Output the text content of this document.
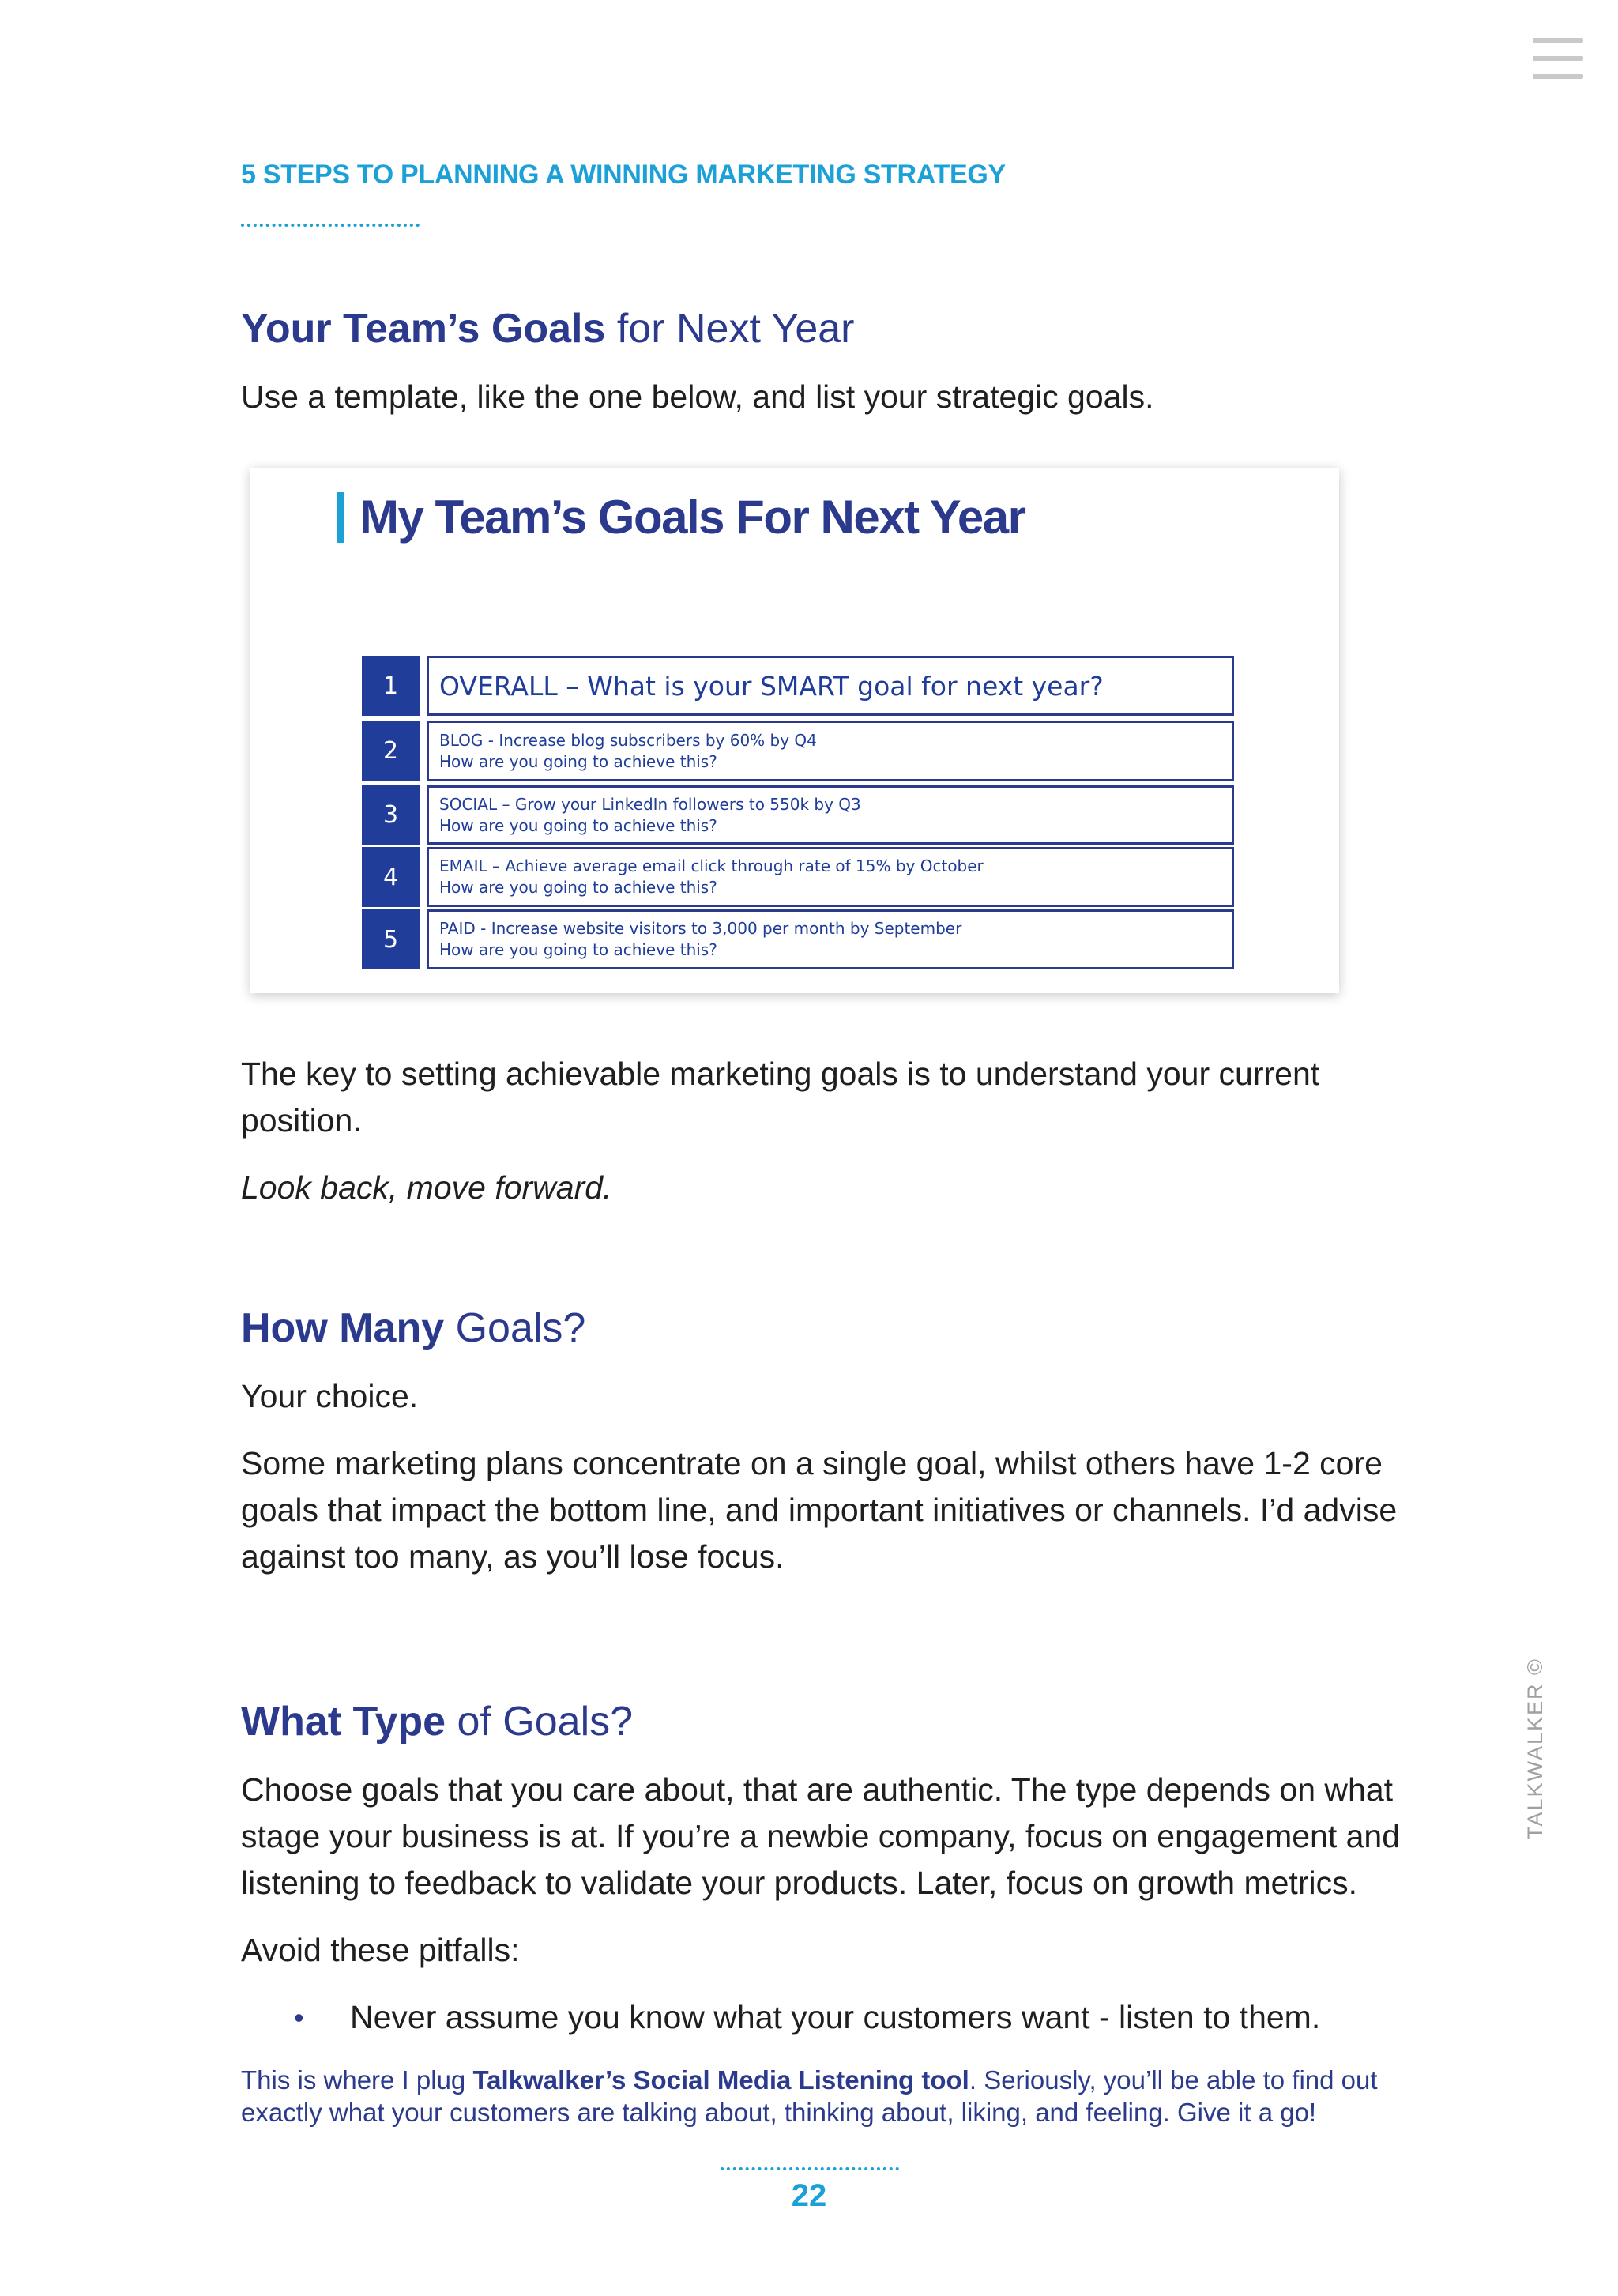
5 STEPS TO PLANNING A WINNING MARKETING STRATEGY
Your Team’s Goals for Next Year

Use a template, like the one below, and list your strategic goals.

My Team’s Goals For Next Year
1	OVERALL – What is your SMART goal for next year?
2	BLOG - Increase blog subscribers by 60% by Q4
How are you going to achieve this?
3	SOCIAL – Grow your LinkedIn followers to 550k by Q3
How are you going to achieve this?
4	EMAIL – Achieve average email click through rate of 15% by October
How are you going to achieve this?
5	PAID - Increase website visitors to 3,000 per month by September
How are you going to achieve this?

The key to setting achievable marketing goals is to understand your current position.

Look back, move forward.

How Many Goals?

Your choice.

Some marketing plans concentrate on a single goal, whilst others have 1-2 core goals that impact the bottom line, and important initiatives or channels. I’d advise against too many, as you’ll lose focus.

What Type of Goals?

Choose goals that you care about, that are authentic. The type depends on what stage your business is at. If you’re a newbie company, focus on engagement and listening to feedback to validate your products. Later, focus on growth metrics.

Avoid these pitfalls:

• Never assume you know what your customers want - listen to them.

This is where I plug Talkwalker’s Social Media Listening tool. Seriously, you’ll be able to find out exactly what your customers are talking about, thinking about, liking, and feeling. Give it a go!

22
TALKWALKER ©
